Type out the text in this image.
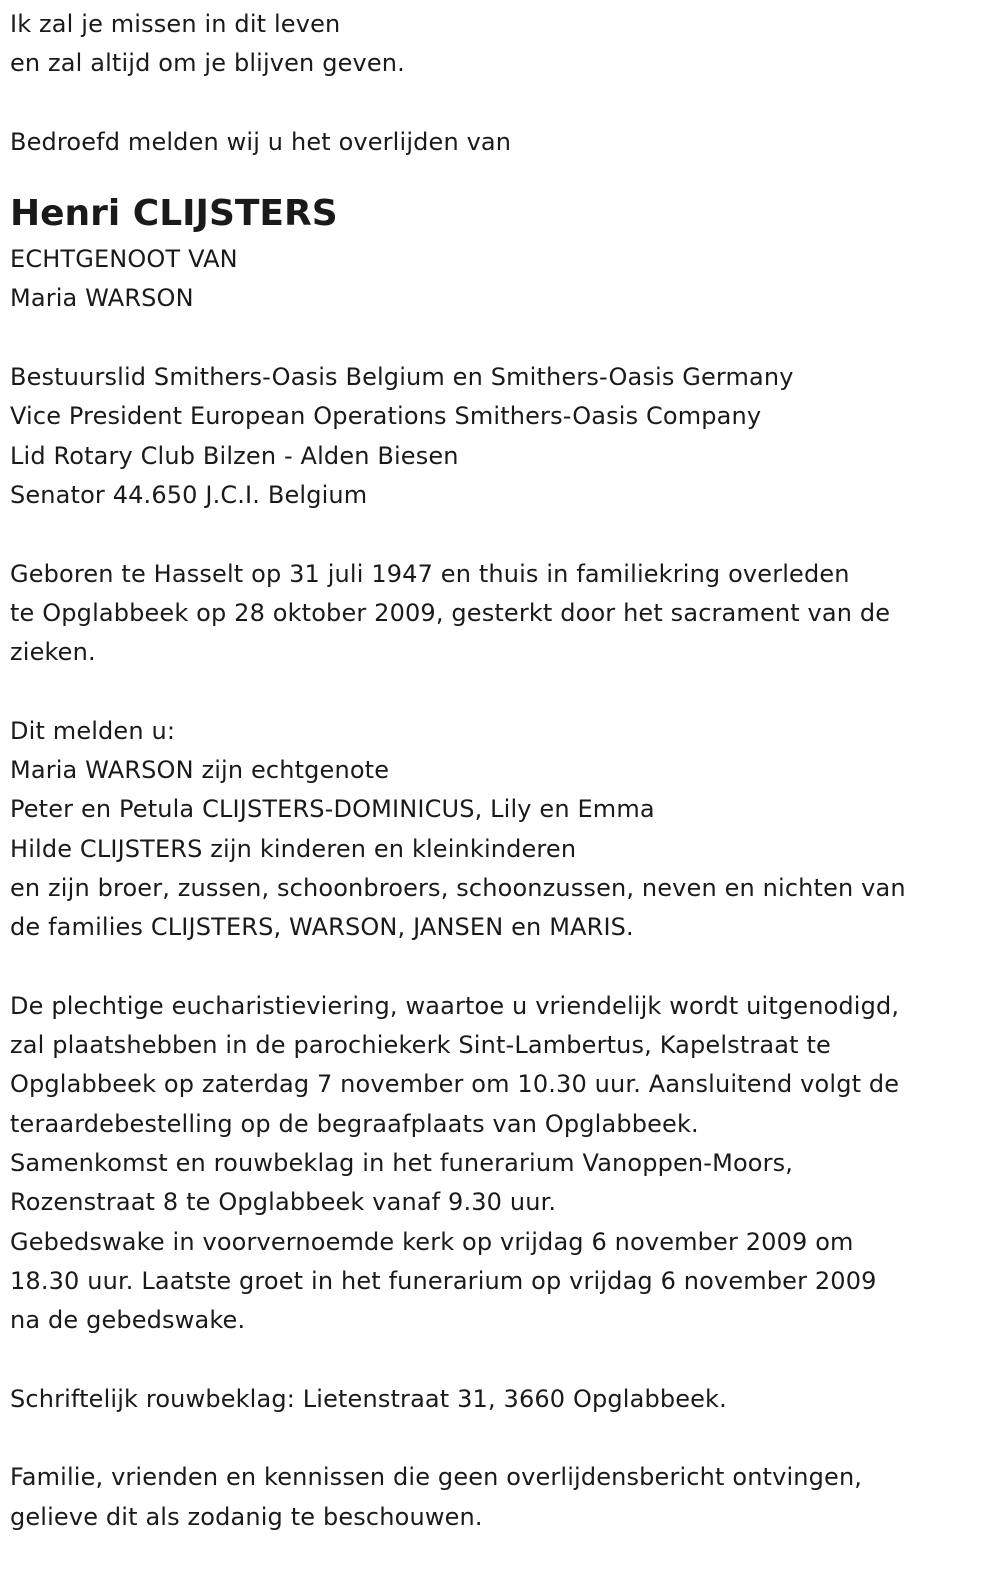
Ik zal je missen in dit leven
en zal altijd om je blijven geven.
Bedroefd melden wij u het overlijden van
Henri CLIJSTERS
ECHTGENOOT VAN
Maria WARSON
Bestuurslid Smithers-Oasis Belgium en Smithers-Oasis Germany
Vice President European Operations Smithers-Oasis Company
Lid Rotary Club Bilzen - Alden Biesen
Senator 44.650 J.C.I. Belgium
Geboren te Hasselt op 31 juli 1947 en thuis in familiekring overleden
te Opglabbeek op 28 oktober 2009, gesterkt door het sacrament van de
zieken.
Dit melden u:
Maria WARSON zijn echtgenote
Peter en Petula CLIJSTERS-DOMINICUS, Lily en Emma
Hilde CLIJSTERS zijn kinderen en kleinkinderen
en zijn broer, zussen, schoonbroers, schoonzussen, neven en nichten van
de families CLIJSTERS, WARSON, JANSEN en MARIS.
De plechtige eucharistieviering, waartoe u vriendelijk wordt uitgenodigd,
zal plaatshebben in de parochiekerk Sint-Lambertus, Kapelstraat te
Opglabbeek op zaterdag 7 november om 10.30 uur. Aansluitend volgt de
teraardebestelling op de begraafplaats van Opglabbeek.
Samenkomst en rouwbeklag in het funerarium Vanoppen-Moors,
Rozenstraat 8 te Opglabbeek vanaf 9.30 uur.
Gebedswake in voorvernoemde kerk op vrijdag 6 november 2009 om
18.30 uur. Laatste groet in het funerarium op vrijdag 6 november 2009
na de gebedswake.
Schriftelijk rouwbeklag: Lietenstraat 31, 3660 Opglabbeek.
Familie, vrienden en kennissen die geen overlijdensbericht ontvingen,
gelieve dit als zodanig te beschouwen.
